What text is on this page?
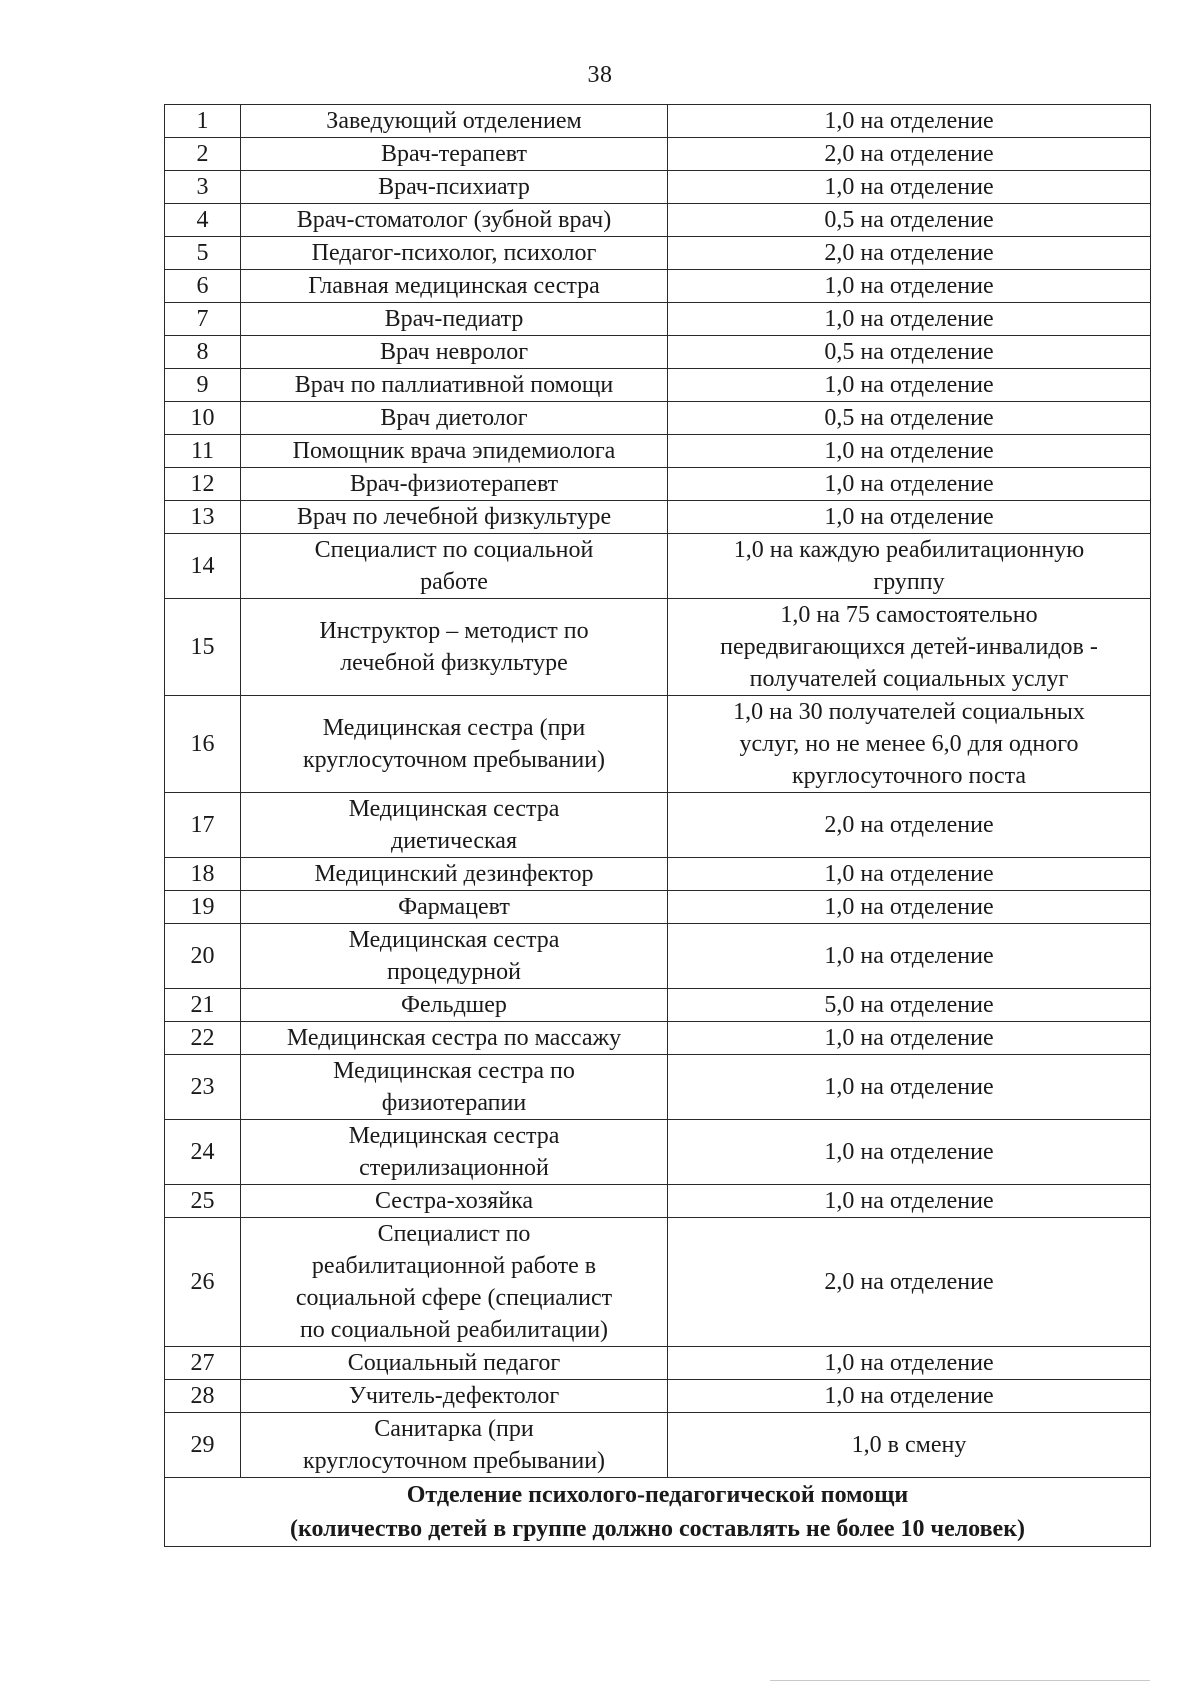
38
1	Заведующий отделением	1,0 на отделение

2	Врач-терапевт	2,0 на отделение

3	Врач-психиатр	1,0 на отделение

4	Врач-стоматолог (зубной врач)	0,5 на отделение

5	Педагог-психолог, психолог	2,0 на отделение

6	Главная медицинская сестра	1,0 на отделение

7	Врач-педиатр	1,0 на отделение

8	Врач невролог	0,5 на отделение

9	Врач по паллиативной помощи	1,0 на отделение

10	Врач диетолог	0,5 на отделение

11	Помощник врача эпидемиолога	1,0 на отделение

12	Врач-физиотерапевт	1,0 на отделение

13	Врач по лечебной физкультуре	1,0 на отделение

14	Специалист по социальной
работе	1,0 на каждую реабилитационную
группу

15	Инструктор – методист по
лечебной физкультуре	1,0 на 75 самостоятельно
передвигающихся детей-инвалидов -
получателей социальных услуг

16	Медицинская сестра (при
круглосуточном пребывании)	1,0 на 30 получателей социальных
услуг, но не менее 6,0 для одного
круглосуточного поста

17	Медицинская сестра
диетическая	2,0 на отделение

18	Медицинский дезинфектор	1,0 на отделение

19	Фармацевт	1,0 на отделение

20	Медицинская сестра
процедурной	1,0 на отделение

21	Фельдшер	5,0 на отделение

22	Медицинская сестра по массажу	1,0 на отделение

23	Медицинская сестра по
физиотерапии	1,0 на отделение

24	Медицинская сестра
стерилизационной	1,0 на отделение

25	Сестра-хозяйка	1,0 на отделение

26	Специалист по
реабилитационной работе в
социальной сфере (специалист
по социальной реабилитации)	2,0 на отделение

27	Социальный педагог	1,0 на отделение

28	Учитель-дефектолог	1,0 на отделение

29	Санитарка (при
круглосуточном пребывании)	1,0 в смену

Отделение психолого-педагогической помощи
(количество детей в группе должно составлять не более 10 человек)		
